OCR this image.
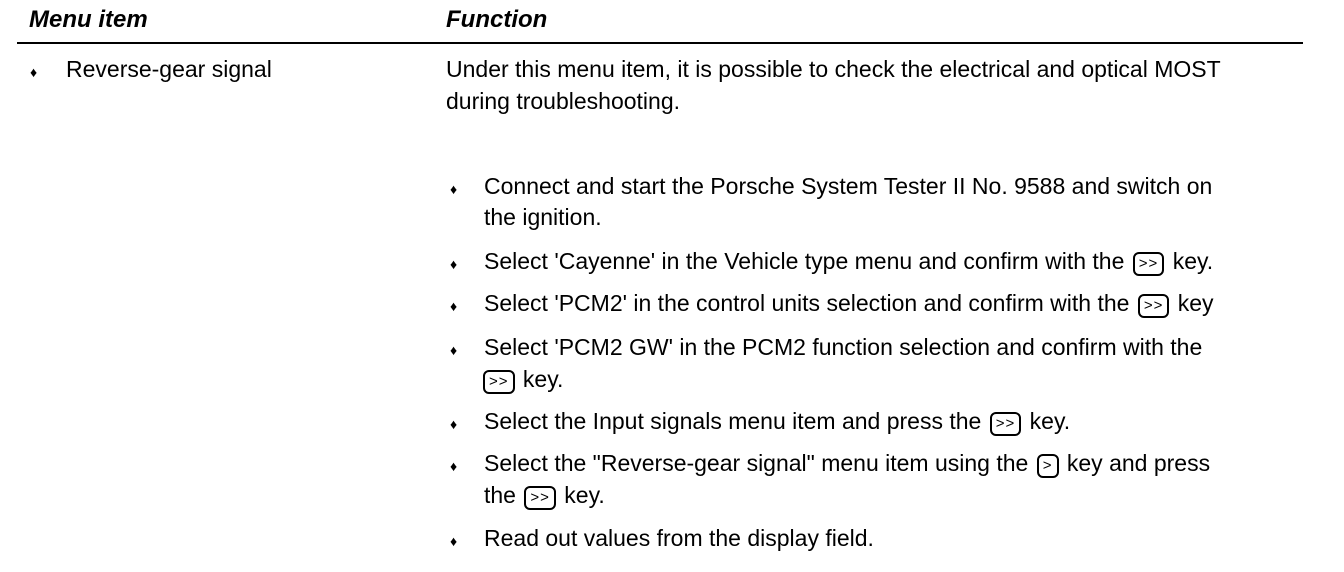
Menu item	Function
♦ Reverse-gear signal	Under this menu item, it is possible to check the electrical and optical MOST
during troubleshooting.
♦ Connect and start the Porsche System Tester II No. 9588 and switch on
the ignition.
♦ Select 'Cayenne' in the Vehicle type menu and confirm with the >> key.
♦ Select 'PCM2' in the control units selection and confirm with the >> key
♦ Select 'PCM2 GW' in the PCM2 function selection and confirm with the
>> key.
♦ Select the Input signals menu item and press the >> key.
♦ Select the "Reverse-gear signal" menu item using the > key and press
the >> key.
♦ Read out values from the display field.
